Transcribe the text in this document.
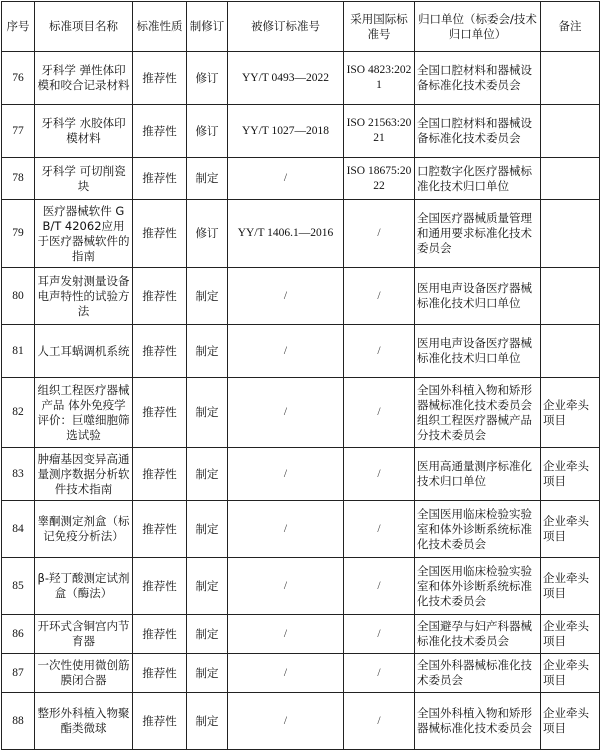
序号	标准项目名称	标准性质	制修订	被修订标准号	采用国际标准号	归口单位（标委会/技术归口单位）	备注
76	牙科学 弹性体印模和咬合记录材料	推荐性	修订	YY/T 0493—2022	ISO 4823:2021	全国口腔材料和器械设备标准化技术委员会	
77	牙科学 水胶体印模材料	推荐性	修订	YY/T 1027—2018	ISO 21563:2021	全国口腔材料和器械设备标准化技术委员会	
78	牙科学 可切削瓷块	推荐性	制定	/	ISO 18675:2022	口腔数字化医疗器械标准化技术归口单位	
79	医疗器械软件 GB/T 42062应用于医疗器械软件的指南	推荐性	修订	YY/T 1406.1—2016	/	全国医疗器械质量管理和通用要求标准化技术委员会	
80	耳声发射测量设备电声特性的试验方法	推荐性	制定	/	/	医用电声设备医疗器械标准化技术归口单位	
81	人工耳蜗调机系统	推荐性	制定	/	/	医用电声设备医疗器械标准化技术归口单位	
82	组织工程医疗器械产品 体外免疫学评价：巨噬细胞筛选试验	推荐性	制定	/	/	全国外科植入物和矫形器械标准化技术委员会组织工程医疗器械产品分技术委员会	企业牵头项目
83	肿瘤基因变异高通量测序数据分析软件技术指南	推荐性	制定	/	/	医用高通量测序标准化技术归口单位	企业牵头项目
84	睾酮测定剂盒（标记免疫分析法）	推荐性	制定	/	/	全国医用临床检验实验室和体外诊断系统标准化技术委员会	企业牵头项目
85	β-羟丁酸测定试剂盒（酶法）	推荐性	制定	/	/	全国医用临床检验实验室和体外诊断系统标准化技术委员会	企业牵头项目
86	开环式含铜宫内节育器	推荐性	制定	/	/	全国避孕与妇产科器械标准化技术委员会	企业牵头项目
87	一次性使用微创筋膜闭合器	推荐性	制定	/	/	全国外科器械标准化技术委员会	企业牵头项目
88	整形外科植入物聚酯类微球	推荐性	制定	/	/	全国外科植入物和矫形器械标准化技术委员会	企业牵头项目
